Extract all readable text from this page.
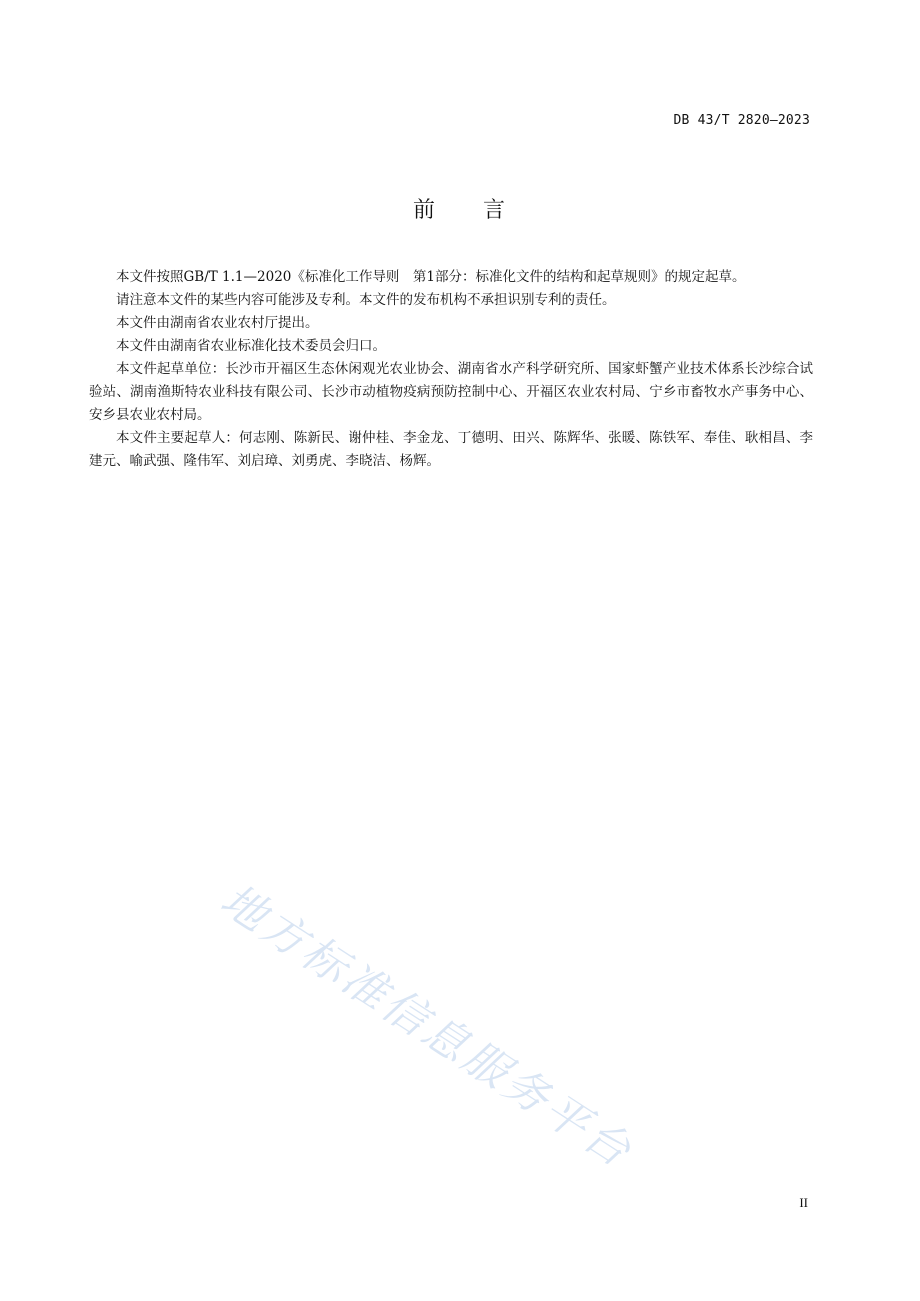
DB 43/T 2820—2023
前 言

本文件按照GB/T 1.1—2020《标准化工作导则　第1部分：标准化文件的结构和起草规则》的规定起草。

请注意本文件的某些内容可能涉及专利。本文件的发布机构不承担识别专利的责任。

本文件由湖南省农业农村厅提出。

本文件由湖南省农业标准化技术委员会归口。

本文件起草单位：长沙市开福区生态休闲观光农业协会、湖南省水产科学研究所、国家虾蟹产业技术体系长沙综合试验站、湖南渔斯特农业科技有限公司、长沙市动植物疫病预防控制中心、开福区农业农村局、宁乡市畜牧水产事务中心、安乡县农业农村局。

本文件主要起草人：何志刚、陈新民、谢仲桂、李金龙、丁德明、田兴、陈辉华、张暖、陈铁军、奉佳、耿相昌、李建元、喻武强、隆伟军、刘启璋、刘勇虎、李晓洁、杨辉。

地方标准信息服务平台
II
